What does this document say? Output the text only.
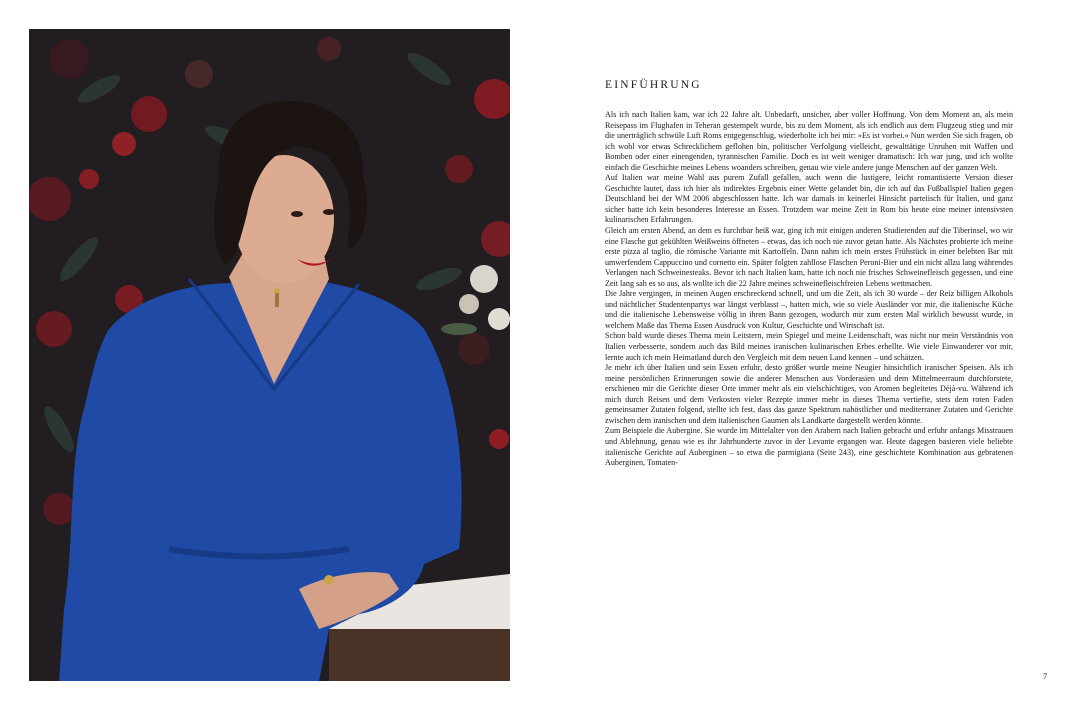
EINFÜHRUNG

Als ich nach Italien kam, war ich 22 Jahre alt. Unbedarft, unsicher, aber voller Hoffnung. Von dem Moment an, als mein Reisepass im Flughafen in Teheran gestempelt wurde, bis zu dem Moment, als ich endlich aus dem Flugzeug stieg und mir die unerträglich schwüle Luft Roms entgegenschlug, wiederholte ich bei mir: »Es ist vorbei.« Nun werden Sie sich fragen, ob ich wohl vor etwas Schrecklichem geflohen bin, politischer Verfolgung vielleicht, gewalttätige Unruhen mit Waffen und Bomben oder einer einengenden, tyrannischen Familie. Doch es ist weit weniger dramatisch: Ich war jung, und ich wollte einfach die Geschichte meines Lebens woanders schreiben, genau wie viele andere junge Menschen auf der ganzen Welt.

Auf Italien war meine Wahl aus purem Zufall gefallen, auch wenn die lustigere, leicht romantisierte Version dieser Geschichte lautet, dass ich hier als indirektes Ergebnis einer Wette gelandet bin, die ich auf das Fußballspiel Italien gegen Deutschland bei der WM 2006 abgeschlossen hatte. Ich war damals in keinerlei Hinsicht parteiisch für Italien, und ganz sicher hatte ich kein besonderes Interesse an Essen. Trotzdem war meine Zeit in Rom bis heute eine meiner intensivsten kulinarischen Erfahrungen.

Gleich am ersten Abend, an dem es furchtbar heiß war, ging ich mit einigen anderen Studierenden auf die Tiberinsel, wo wir eine Flasche gut gekühlten Weißweins öffneten – etwas, das ich noch nie zuvor getan hatte. Als Nächstes probierte ich meine erste pizza al taglio, die römische Variante mit Kartoffeln. Dann nahm ich mein erstes Frühstück in einer belebten Bar mit umwerfendem Cappuccino und cornetto ein. Später folgten zahllose Flaschen Peroni-Bier und ein nicht allzu lang währendes Verlangen nach Schweinesteaks. Bevor ich nach Italien kam, hatte ich noch nie frisches Schweinefleisch gegessen, und eine Zeit lang sah es so aus, als wollte ich die 22 Jahre meines schweinefleischfreien Lebens wettmachen.

Die Jahre vergingen, in meinen Augen erschreckend schnell, und um die Zeit, als ich 30 wurde – der Reiz billigen Alkohols und nächtlicher Studentenpartys war längst verblasst –, hatten mich, wie so viele Ausländer vor mir, die italienische Küche und die italienische Lebensweise völlig in ihren Bann gezogen, wodurch mir zum ersten Mal wirklich bewusst wurde, in welchem Maße das Thema Essen Ausdruck von Kultur, Geschichte und Wirtschaft ist.

Schon bald wurde dieses Thema mein Leitstern, mein Spiegel und meine Leidenschaft, was nicht nur mein Verständnis von Italien verbesserte, sondern auch das Bild meines iranischen kulinarischen Erbes erhellte. Wie viele Einwanderer vor mir, lernte auch ich mein Heimatland durch den Vergleich mit dem neuen Land kennen – und schätzen.

Je mehr ich über Italien und sein Essen erfuhr, desto größer wurde meine Neugier hinsichtlich iranischer Speisen. Als ich meine persönlichen Erinnerungen sowie die anderer Menschen aus Vorderasien und dem Mittelmeerraum durchforstete, erschienen mir die Gerichte dieser Orte immer mehr als ein vielschichtiges, von Aromen begleitetes Déjà-vu. Während ich mich durch Reisen und dem Verkosten vieler Rezepte immer mehr in dieses Thema vertiefte, stets dem roten Faden gemeinsamer Zutaten folgend, stellte ich fest, dass das ganze Spektrum nahöstlicher und mediterraner Zutaten und Gerichte zwischen dem iranischen und dem italienischen Gaumen als Landkarte dargestellt werden könnte.

Zum Beispiele die Aubergine. Sie wurde im Mittelalter von den Arabern nach Italien gebracht und erfuhr anfangs Misstrauen und Ablehnung, genau wie es ihr Jahrhunderte zuvor in der Levante ergangen war. Heute dagegen basieren viele beliebte italienische Gerichte auf Auberginen – so etwa die parmigiana (Seite 243), eine geschichtete Kombination aus gebratenen Auberginen, Tomaten-

7
